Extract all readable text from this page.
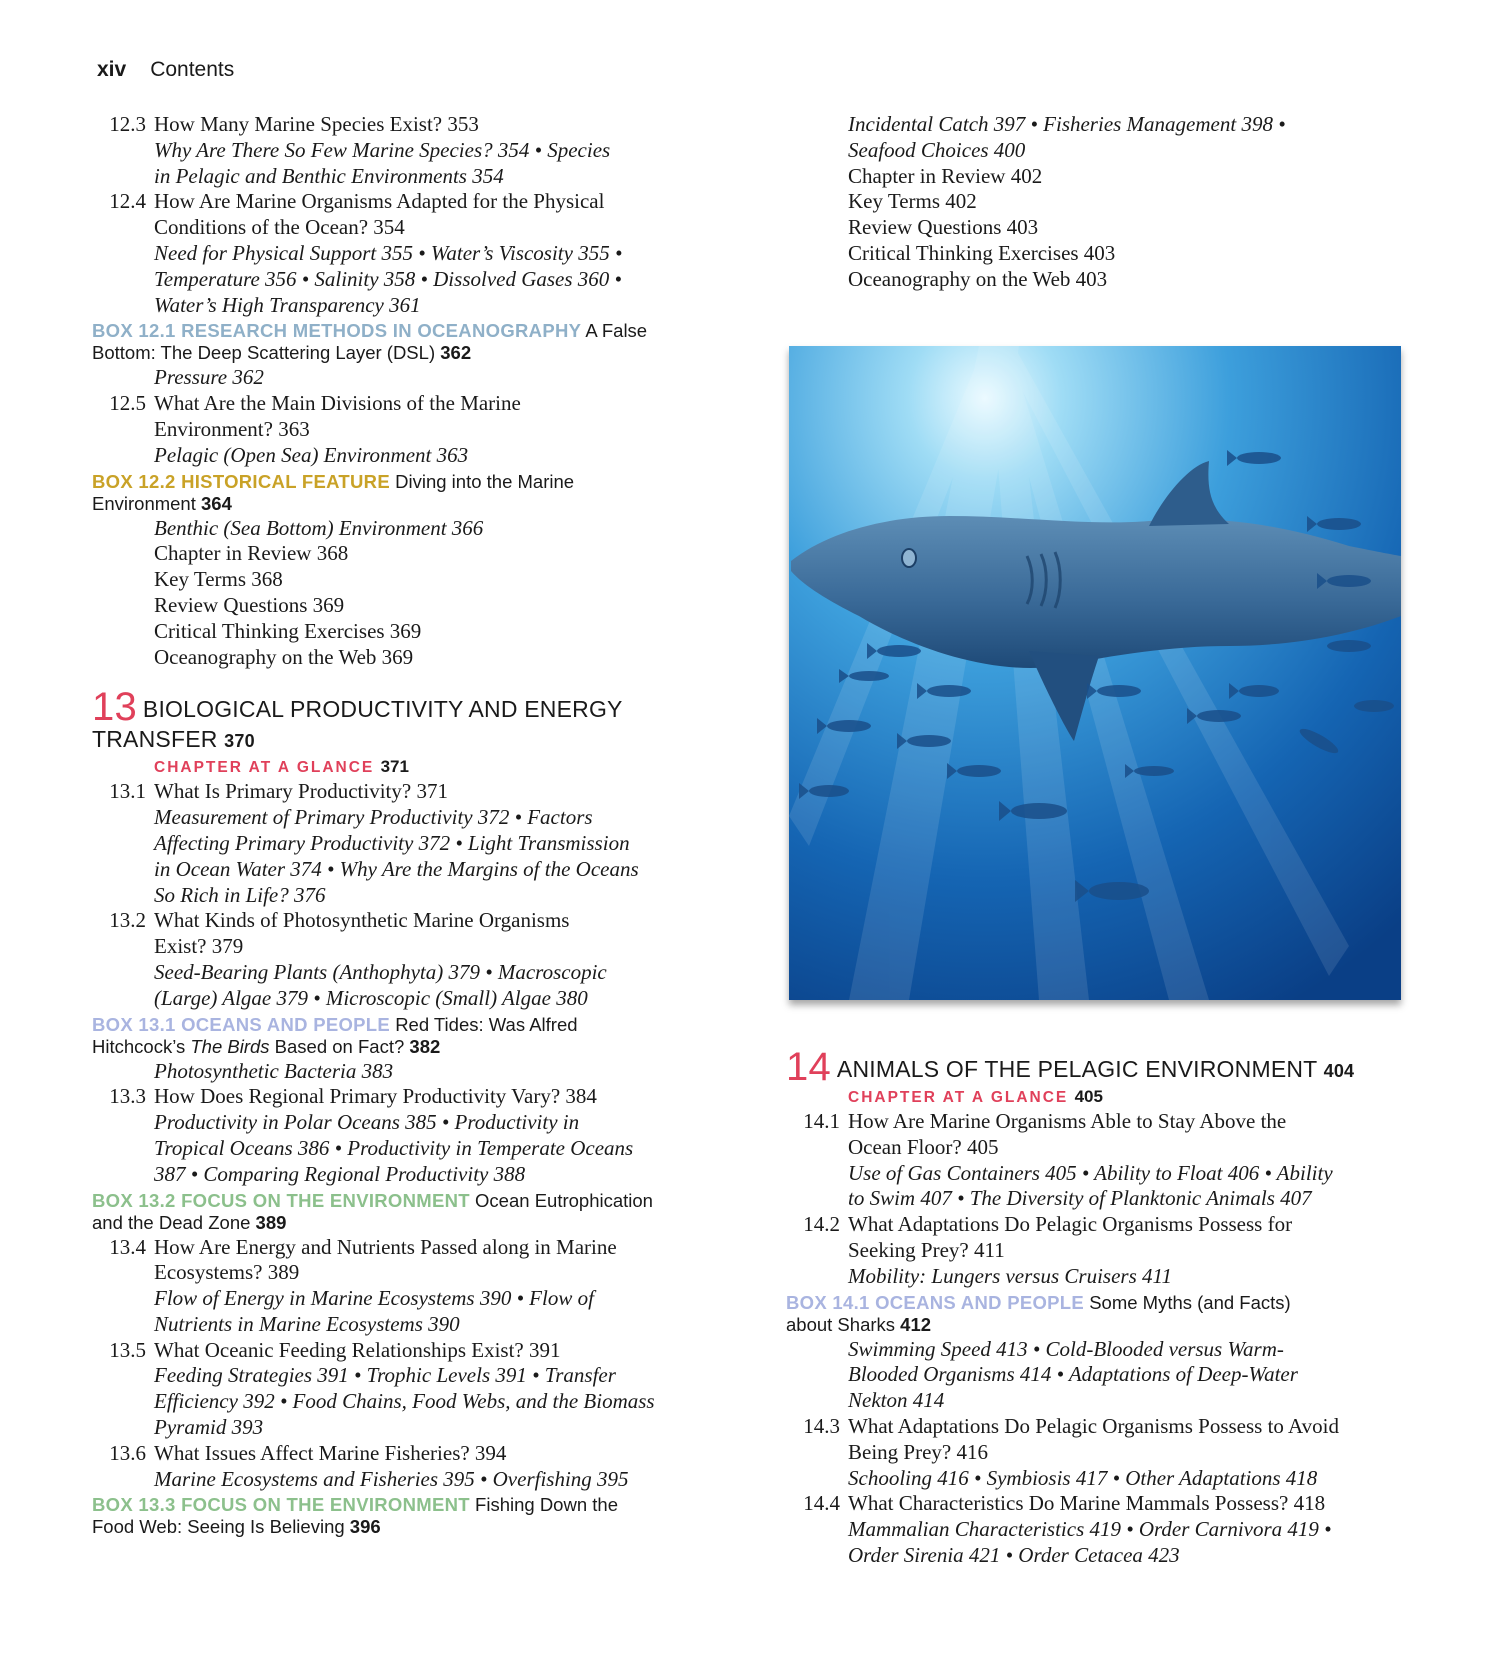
xiv Contents
12.3 How Many Marine Species Exist? 353
Why Are There So Few Marine Species? 354 • Species
in Pelagic and Benthic Environments 354
12.4 How Are Marine Organisms Adapted for the Physical
Conditions of the Ocean? 354
Need for Physical Support 355 • Water’s Viscosity 355 •
Temperature 356 • Salinity 358 • Dissolved Gases 360 •
Water’s High Transparency 361
BOX 12.1 RESEARCH METHODS IN OCEANOGRAPHY A False
Bottom: The Deep Scattering Layer (DSL) 362
Pressure 362
12.5 What Are the Main Divisions of the Marine
Environment? 363
Pelagic (Open Sea) Environment 363
BOX 12.2 HISTORICAL FEATURE Diving into the Marine
Environment 364
Benthic (Sea Bottom) Environment 366
Chapter in Review 368
Key Terms 368
Review Questions 369
Critical Thinking Exercises 369
Oceanography on the Web 369
13 BIOLOGICAL PRODUCTIVITY AND ENERGY
TRANSFER 370
CHAPTER AT A GLANCE 371
13.1 What Is Primary Productivity? 371
Measurement of Primary Productivity 372 • Factors
Affecting Primary Productivity 372 • Light Transmission
in Ocean Water 374 • Why Are the Margins of the Oceans
So Rich in Life? 376
13.2 What Kinds of Photosynthetic Marine Organisms
Exist? 379
Seed-Bearing Plants (Anthophyta) 379 • Macroscopic
(Large) Algae 379 • Microscopic (Small) Algae 380
BOX 13.1 OCEANS AND PEOPLE Red Tides: Was Alfred
Hitchcock’s The Birds Based on Fact? 382
Photosynthetic Bacteria 383
13.3 How Does Regional Primary Productivity Vary? 384
Productivity in Polar Oceans 385 • Productivity in
Tropical Oceans 386 • Productivity in Temperate Oceans
387 • Comparing Regional Productivity 388
BOX 13.2 FOCUS ON THE ENVIRONMENT Ocean Eutrophication
and the Dead Zone 389
13.4 How Are Energy and Nutrients Passed along in Marine
Ecosystems? 389
Flow of Energy in Marine Ecosystems 390 • Flow of
Nutrients in Marine Ecosystems 390
13.5 What Oceanic Feeding Relationships Exist? 391
Feeding Strategies 391 • Trophic Levels 391 • Transfer
Efficiency 392 • Food Chains, Food Webs, and the Biomass
Pyramid 393
13.6 What Issues Affect Marine Fisheries? 394
Marine Ecosystems and Fisheries 395 • Overfishing 395
BOX 13.3 FOCUS ON THE ENVIRONMENT Fishing Down the
Food Web: Seeing Is Believing 396
Incidental Catch 397 • Fisheries Management 398 •
Seafood Choices 400
Chapter in Review 402
Key Terms 402
Review Questions 403
Critical Thinking Exercises 403
Oceanography on the Web 403
14 ANIMALS OF THE PELAGIC ENVIRONMENT 404
CHAPTER AT A GLANCE 405
14.1 How Are Marine Organisms Able to Stay Above the
Ocean Floor? 405
Use of Gas Containers 405 • Ability to Float 406 • Ability
to Swim 407 • The Diversity of Planktonic Animals 407
14.2 What Adaptations Do Pelagic Organisms Possess for
Seeking Prey? 411
Mobility: Lungers versus Cruisers 411
BOX 14.1 OCEANS AND PEOPLE Some Myths (and Facts)
about Sharks 412
Swimming Speed 413 • Cold-Blooded versus Warm-
Blooded Organisms 414 • Adaptations of Deep-Water
Nekton 414
14.3 What Adaptations Do Pelagic Organisms Possess to Avoid
Being Prey? 416
Schooling 416 • Symbiosis 417 • Other Adaptations 418
14.4 What Characteristics Do Marine Mammals Possess? 418
Mammalian Characteristics 419 • Order Carnivora 419 •
Order Sirenia 421 • Order Cetacea 423
